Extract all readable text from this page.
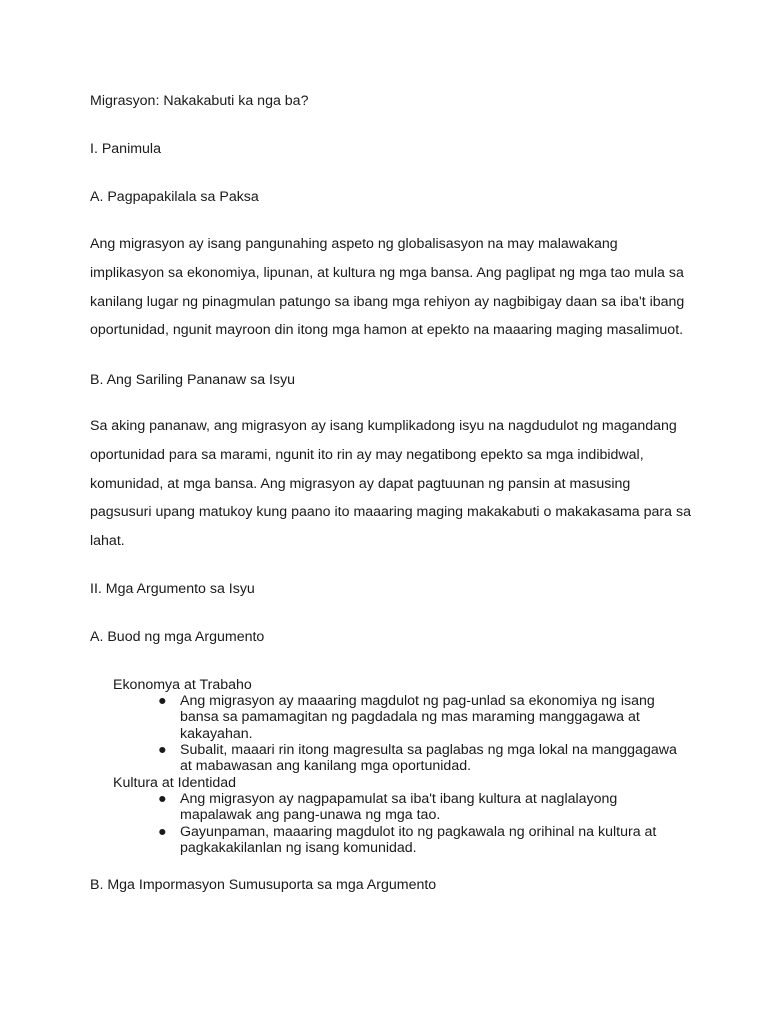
Migrasyon: Nakakabuti ka nga ba?
I. Panimula
A. Pagpapakilala sa Paksa
Ang migrasyon ay isang pangunahing aspeto ng globalisasyon na may malawakang
implikasyon sa ekonomiya, lipunan, at kultura ng mga bansa. Ang paglipat ng mga tao mula sa
kanilang lugar ng pinagmulan patungo sa ibang mga rehiyon ay nagbibigay daan sa iba't ibang
oportunidad, ngunit mayroon din itong mga hamon at epekto na maaaring maging masalimuot.
B. Ang Sariling Pananaw sa Isyu
Sa aking pananaw, ang migrasyon ay isang kumplikadong isyu na nagdudulot ng magandang
oportunidad para sa marami, ngunit ito rin ay may negatibong epekto sa mga indibidwal,
komunidad, at mga bansa. Ang migrasyon ay dapat pagtuunan ng pansin at masusing
pagsusuri upang matukoy kung paano ito maaaring maging makakabuti o makakasama para sa
lahat.
II. Mga Argumento sa Isyu
A. Buod ng mga Argumento
Ekonomya at Trabaho
● Ang migrasyon ay maaaring magdulot ng pag-unlad sa ekonomiya ng isang
bansa sa pamamagitan ng pagdadala ng mas maraming manggagawa at
kakayahan.
● Subalit, maaari rin itong magresulta sa paglabas ng mga lokal na manggagawa
at mabawasan ang kanilang mga oportunidad.
Kultura at Identidad
● Ang migrasyon ay nagpapamulat sa iba't ibang kultura at naglalayong
mapalawak ang pang-unawa ng mga tao.
● Gayunpaman, maaaring magdulot ito ng pagkawala ng orihinal na kultura at
pagkakakilanlan ng isang komunidad.
B. Mga Impormasyon Sumusuporta sa mga Argumento
